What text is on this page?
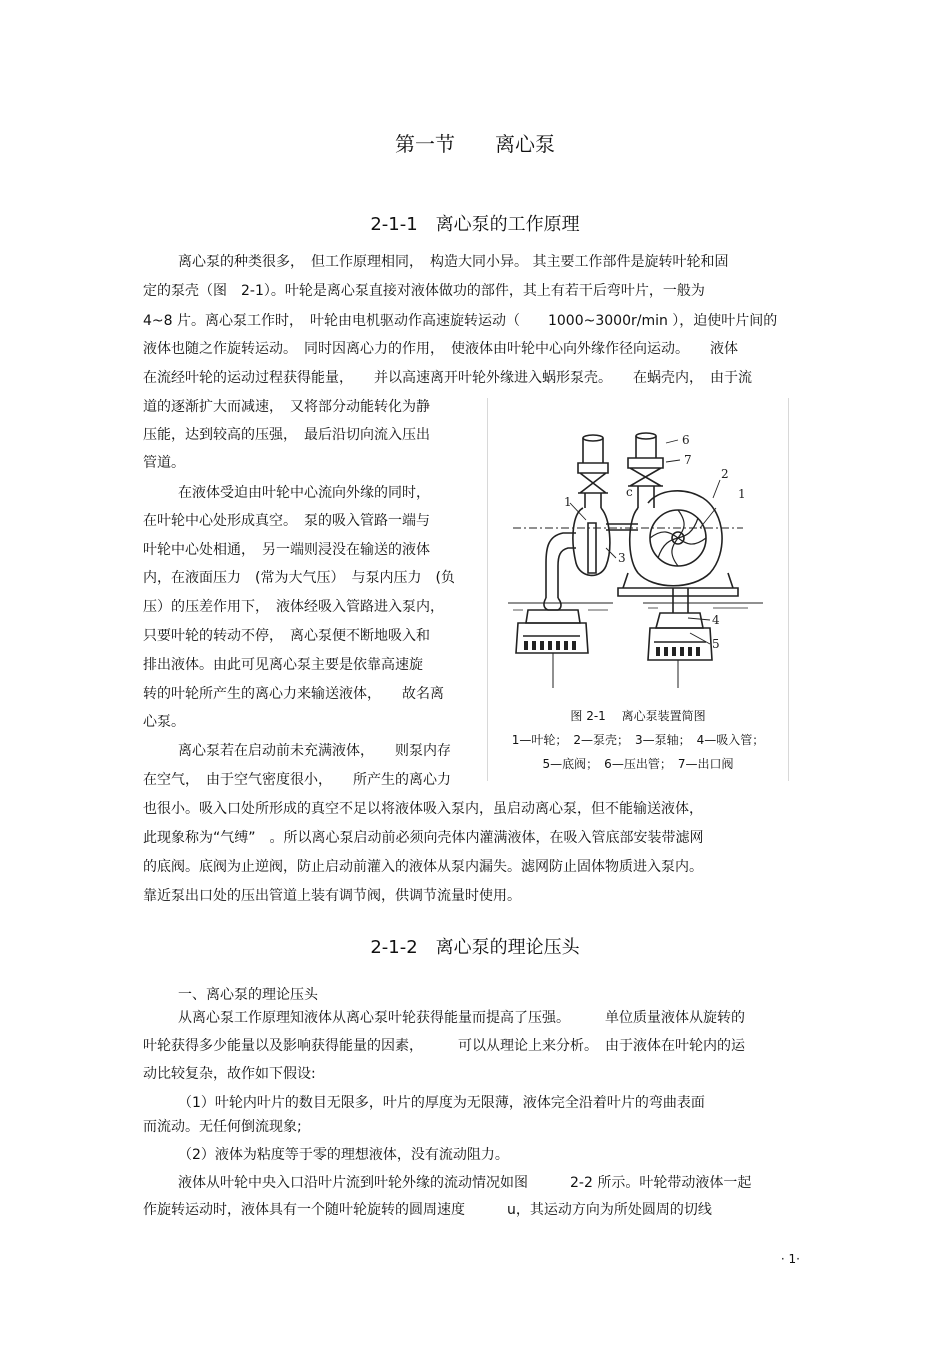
第一节　　离心泵
2-1-1　离心泵的工作原理
离心泵的种类很多，　但工作原理相同，　构造大同小异。 其主要工作部件是旋转叶轮和固
定的泵壳（图　2-1）。叶轮是离心泵直接对液体做功的部件，其上有若干后弯叶片，一般为
4~8 片。离心泵工作时，　叶轮由电机驱动作高速旋转运动（　　1000~3000r/min ），迫使叶片间的
液体也随之作旋转运动。　同时因离心力的作用，　使液体由叶轮中心向外缘作径向运动。　　液体
在流经叶轮的运动过程获得能量，　　并以高速离开叶轮外缘进入蜗形泵壳。　　在蜗壳内，　由于流
道的逐渐扩大而减速，　又将部分动能转化为静
压能，达到较高的压强，　最后沿切向流入压出
管道。
在液体受迫由叶轮中心流向外缘的同时，
在叶轮中心处形成真空。　泵的吸入管路一端与
叶轮中心处相通，　另一端则浸没在输送的液体
内，在液面压力　(常为大气压）　与泵内压力　(负
压）的压差作用下，　液体经吸入管路进入泵内，
只要叶轮的转动不停，　离心泵便不断地吸入和
排出液体。由此可见离心泵主要是依靠高速旋
转的叶轮所产生的离心力来输送液体，　　故名离
心泵。
离心泵若在启动前未充满液体，　　则泵内存
在空气，　由于空气密度很小，　　所产生的离心力
也很小。吸入口处所形成的真空不足以将液体吸入泵内，虽启动离心泵，但不能输送液体，
此现象称为“气缚”　。所以离心泵启动前必须向壳体内灌满液体，在吸入管底部安装带滤网
的底阀。底阀为止逆阀，防止启动前灌入的液体从泵内漏失。滤网防止固体物质进入泵内。
靠近泵出口处的压出管道上装有调节阀，供调节流量时使用。
2-1-2　离心泵的理论压头
一、离心泵的理论压头
从离心泵工作原理知液体从离心泵叶轮获得能量而提高了压强。　　　单位质量液体从旋转的
叶轮获得多少能量以及影响获得能量的因素，　　　可以从理论上来分析。　由于液体在叶轮内的运
动比较复杂，故作如下假设:
（1）叶轮内叶片的数目无限多，叶片的厚度为无限薄，液体完全沿着叶片的弯曲表面
而流动。无任何倒流现象;
（2）液体为粘度等于零的理想液体，没有流动阻力。
液体从叶轮中央入口沿叶片流到叶轮外缘的流动情况如图　　　2-2 所示。叶轮带动液体一起
作旋转运动时，液体具有一个随叶轮旋转的圆周速度　　　u，其运动方向为所处圆周的切线
6
7
2
1
1
3
4
5
c
图 2-1　 离心泵装置简图
1—叶轮；　2—泵壳；　3—泵轴；　4—吸入管；
5—底阀；　6—压出管；　7—出口阀
· 1·
